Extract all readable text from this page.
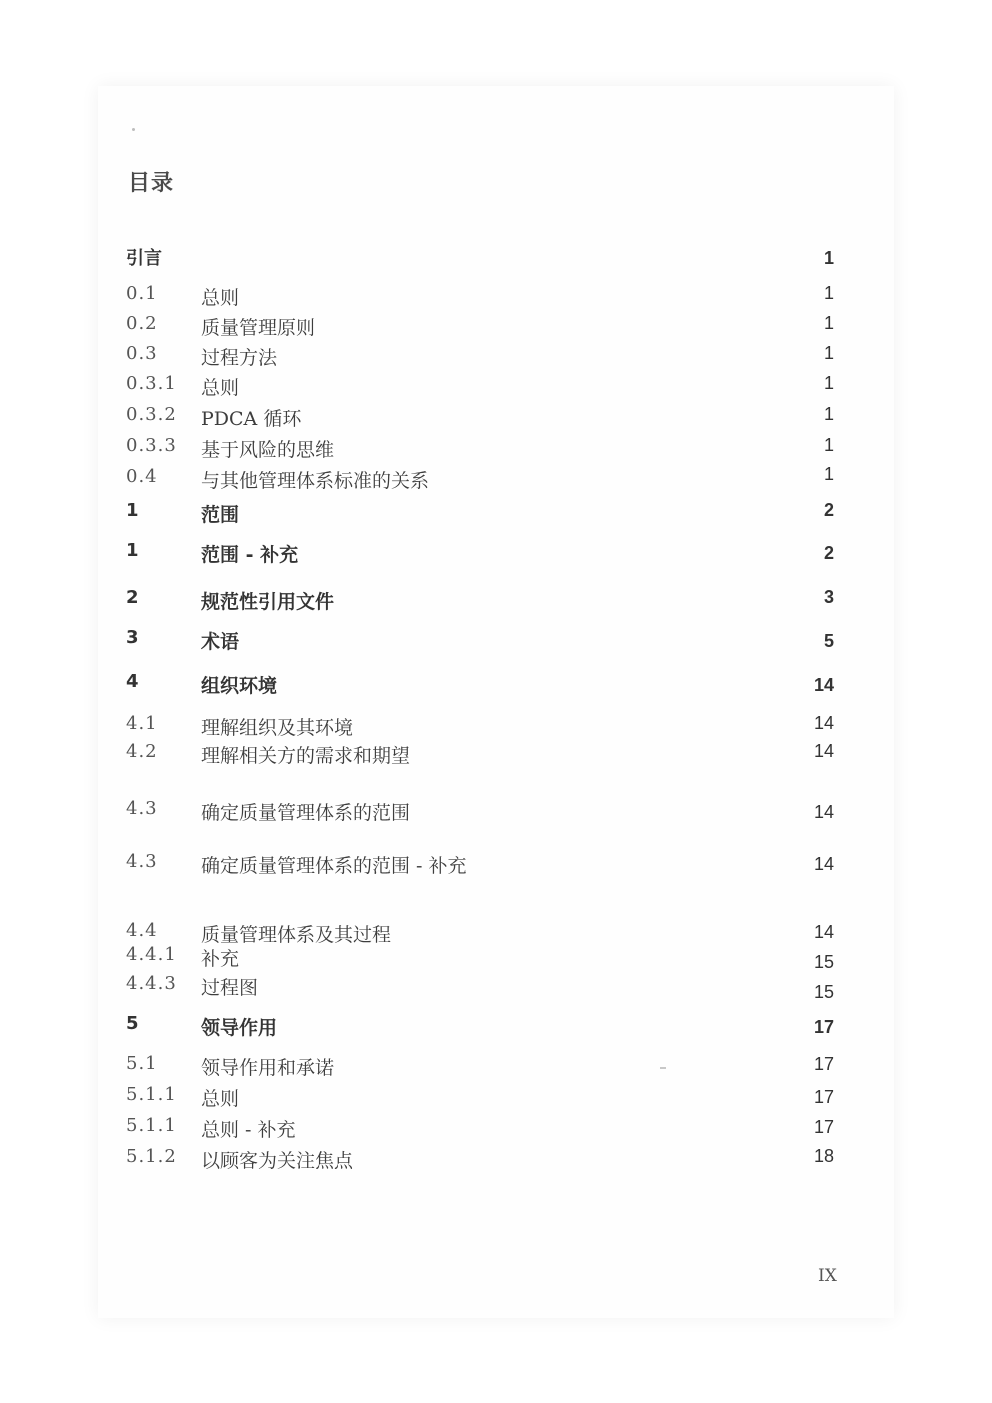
目录
引言	1
0.1 总则	1
0.2 质量管理原则	1
0.3 过程方法	1
0.3.1 总则	1
0.3.2 PDCA 循环	1
0.3.3 基于风险的思维	1
0.4 与其他管理体系标准的关系	1
1	范围	2
1	范围 - 补充	2
2	规范性引用文件	3
3	术语	5
4	组织环境	14
4.1 理解组织及其环境	14
4.2 理解相关方的需求和期望	14
4.3 确定质量管理体系的范围	14
4.3 确定质量管理体系的范围 - 补充	14
4.4 质量管理体系及其过程	14
4.4.1 补充	15
4.4.3 过程图	15
5	领导作用	17
5.1 领导作用和承诺	17
5.1.1 总则	17
5.1.1 总则 - 补充	17
5.1.2 以顾客为关注焦点	18
IX
